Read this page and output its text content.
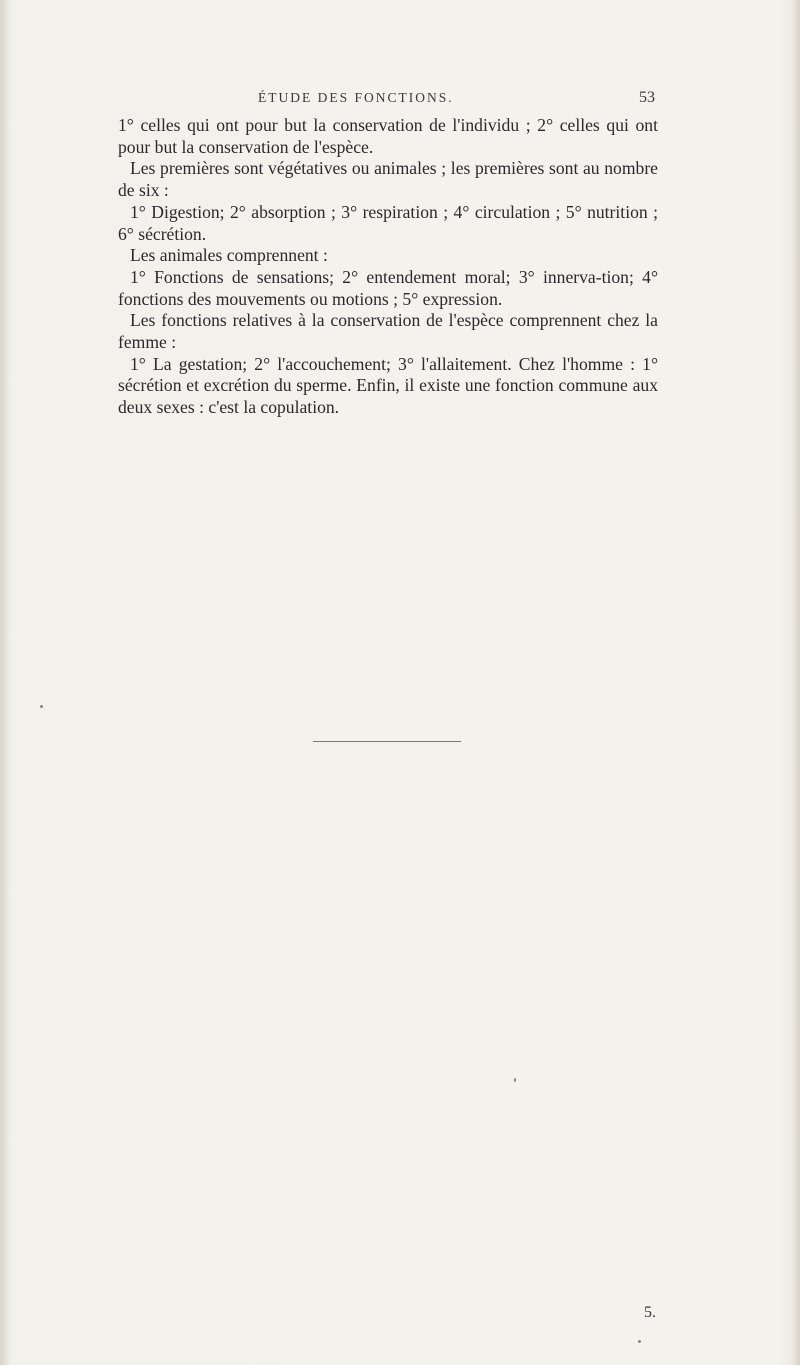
ÉTUDE DES FONCTIONS.	53

1° celles qui ont pour but la conservation de l'individu ; 2° celles qui ont pour but la conservation de l'espèce.

Les premières sont végétatives ou animales ; les premières sont au nombre de six :

1° Digestion; 2° absorption ; 3° respiration ; 4° circulation ; 5° nutrition ; 6° sécrétion.

Les animales comprennent :

1° Fonctions de sensations; 2° entendement moral; 3° innerva-tion; 4° fonctions des mouvements ou motions ; 5° expression.

Les fonctions relatives à la conservation de l'espèce comprennent chez la femme :

1° La gestation; 2° l'accouchement; 3° l'allaitement. Chez l'homme : 1° sécrétion et excrétion du sperme. Enfin, il existe une fonction commune aux deux sexes : c'est la copulation.

5.
